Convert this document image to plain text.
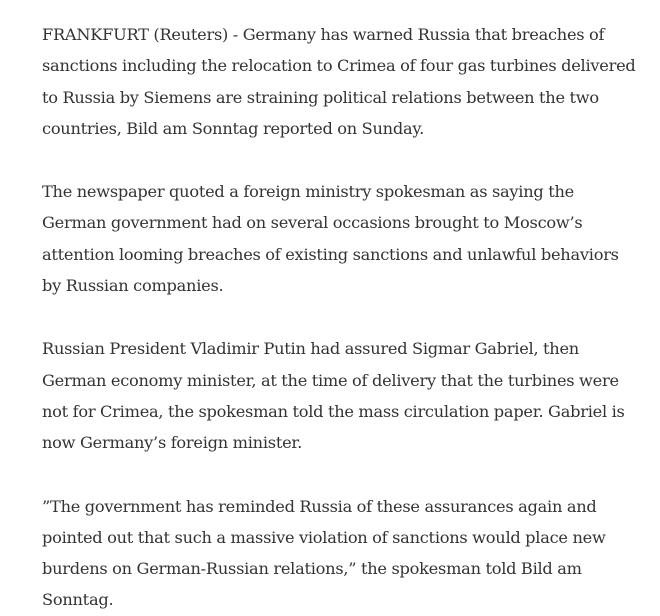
FRANKFURT (Reuters) - Germany has warned Russia that breaches of sanctions including the relocation to Crimea of four gas turbines delivered to Russia by Siemens are straining political relations between the two countries, Bild am Sonntag reported on Sunday.

The newspaper quoted a foreign ministry spokesman as saying the German government had on several occasions brought to Moscow’s attention looming breaches of existing sanctions and unlawful behaviors by Russian companies.

Russian President Vladimir Putin had assured Sigmar Gabriel, then German economy minister, at the time of delivery that the turbines were not for Crimea, the spokesman told the mass circulation paper. Gabriel is now Germany’s foreign minister.

”The government has reminded Russia of these assurances again and pointed out that such a massive violation of sanctions would place new burdens on German-Russian relations,” the spokesman told Bild am Sonntag.
